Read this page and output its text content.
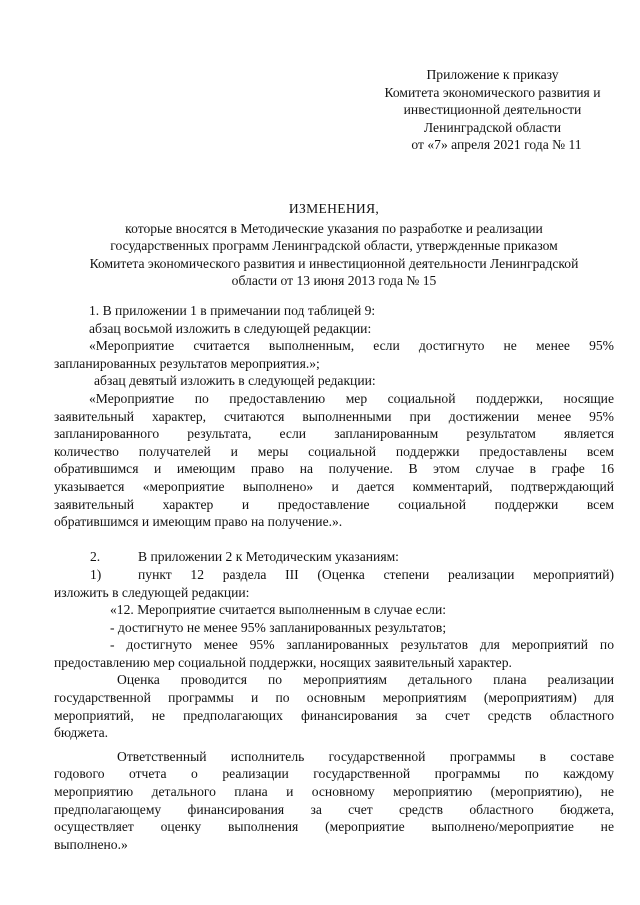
Приложение к приказу
Комитета экономического развития и
инвестиционной деятельности
Ленинградской области
от «7» апреля 2021 года № 11
ИЗМЕНЕНИЯ,
которые вносятся в Методические указания по разработке и реализации
государственных программ Ленинградской области, утвержденные приказом
Комитета экономического развития и инвестиционной деятельности Ленинградской
области от 13 июня 2013 года № 15
1. В приложении 1 в примечании под таблицей 9:
абзац восьмой изложить в следующей редакции:
«Мероприятие считается выполненным, если достигнуто не менее 95%
запланированных результатов мероприятия.»;
абзац девятый изложить в следующей редакции:
«Мероприятие по предоставлению мер социальной поддержки, носящие
заявительный характер, считаются выполненными при достижении менее 95%
запланированного результата, если запланированным результатом является
количество получателей и меры социальной поддержки предоставлены всем
обратившимся и имеющим право на получение. В этом случае в графе 16
указывается «мероприятие выполнено» и дается комментарий, подтверждающий
заявительный характер и предоставление социальной поддержки всем
обратившимся и имеющим право на получение.».
2.	В приложении 2 к Методическим указаниям:
1)	пункт 12 раздела III (Оценка степени реализации мероприятий)
изложить в следующей редакции:
«12. Мероприятие считается выполненным в случае если:
- достигнуто не менее 95% запланированных результатов;
- достигнуто менее 95% запланированных результатов для мероприятий по
предоставлению мер социальной поддержки, носящих заявительный характер.
Оценка проводится по мероприятиям детального плана реализации
государственной программы и по основным мероприятиям (мероприятиям) для
мероприятий, не предполагающих финансирования за счет средств областного
бюджета.
Ответственный исполнитель государственной программы в составе
годового отчета о реализации государственной программы по каждому
мероприятию детального плана и основному мероприятию (мероприятию), не
предполагающему финансирования за счет средств областного бюджета,
осуществляет оценку выполнения (мероприятие выполнено/мероприятие не
выполнено.»
